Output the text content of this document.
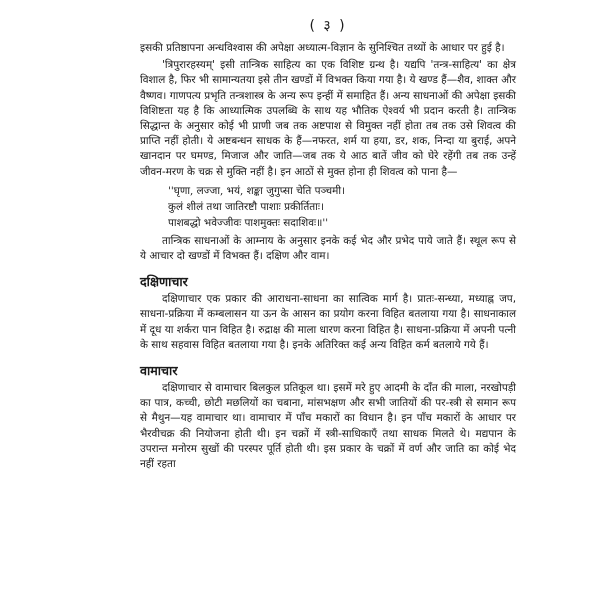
( ३ )

इसकी प्रतिष्ठापना अन्धविश्वास की अपेक्षा अध्यात्म-विज्ञान के सुनिश्चित तथ्यों के आधार पर हुई है।

'त्रिपुरारहस्यम्' इसी तान्त्रिक साहित्य का एक विशिष्ट ग्रन्थ है। यद्यपि 'तन्त्र-साहित्य' का क्षेत्र विशाल है, फिर भी सामान्यतया इसे तीन खण्डों में विभक्त किया गया है। ये खण्ड हैं—शैव, शाक्त और वैष्णव। गाणपत्य प्रभृति तन्त्रशास्त्र के अन्य रूप इन्हीं में समाहित हैं। अन्य साधनाओं की अपेक्षा इसकी विशिष्टता यह है कि आध्यात्मिक उपलब्धि के साथ यह भौतिक ऐश्वर्य भी प्रदान करती है। तान्त्रिक सिद्धान्त के अनुसार कोई भी प्राणी जब तक अष्टपाश से विमुक्त नहीं होता तब तक उसे शिवत्व की प्राप्ति नहीं होती। ये अष्टबन्धन साधक के हैं—नफरत, शर्म या हया, डर, शक, निन्दा या बुराई, अपने खानदान पर घमण्ड, मिजाज और जाति—जब तक ये आठ बातें जीव को घेरे रहेंगी तब तक उन्हें जीवन-मरण के चक्र से मुक्ति नहीं है। इन आठों से मुक्त होना ही शिवत्व को पाना है—

''घृणा, लज्जा, भयं, शङ्का जुगुप्सा चेति पञ्चमी।
कुलं शीलं तथा जातिरष्टौ पाशाः प्रकीर्तिताः।
पाशबद्धो भवेज्जीवः पाशमुक्तः सदाशिवः॥''

तान्त्रिक साधनाओं के आम्नाय के अनुसार इनके कई भेद और प्रभेद पाये जाते हैं। स्थूल रूप से ये आचार दो खण्डों में विभक्त हैं। दक्षिण और वाम।

दक्षिणाचार

दक्षिणाचार एक प्रकार की आराधना-साधना का सात्विक मार्ग है। प्रातः-सन्ध्या, मध्याह्न जप, साधना-प्रक्रिया में कम्बलासन या ऊन के आसन का प्रयोग करना विहित बतलाया गया है। साधनाकाल में दूध या शर्करा पान विहित है। रुद्राक्ष की माला धारण करना विहित है। साधना-प्रक्रिया में अपनी पत्नी के साथ सहवास विहित बतलाया गया है। इनके अतिरिक्त कई अन्य विहित कर्म बतलाये गये हैं।

वामाचार

दक्षिणाचार से वामाचार बिलकुल प्रतिकूल था। इसमें मरे हुए आदमी के दाँत की माला, नरखोपड़ी का पात्र, कच्ची, छोटी मछलियों का चबाना, मांसभक्षण और सभी जातियों की पर-स्त्री से समान रूप से मैथुन—यह वामाचार था। वामाचार में पाँच मकारों का विधान है। इन पाँच मकारों के आधार पर भैरवीचक्र की नियोजना होती थी। इन चक्रों में स्त्री-साधिकाएँ तथा साधक मिलते थे। मद्यपान के उपरान्त मनोरम सुखों की परस्पर पूर्ति होती थी। इस प्रकार के चक्रों में वर्ण और जाति का कोई भेद नहीं रहता
